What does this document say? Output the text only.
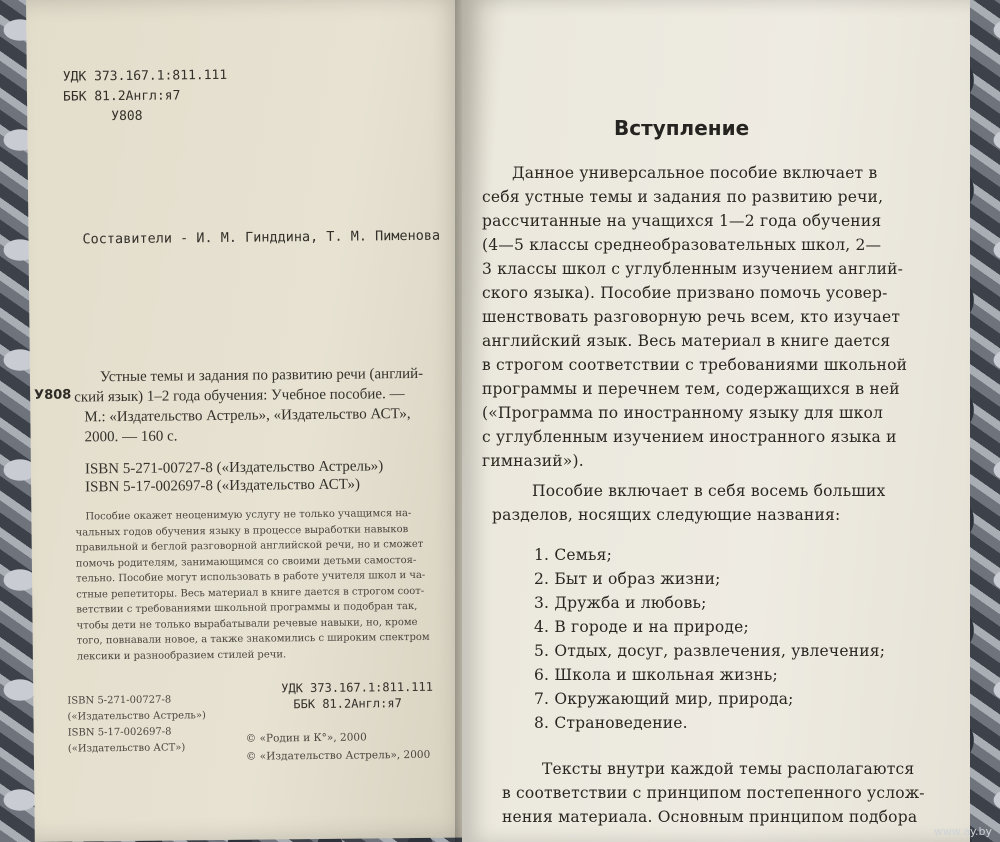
УДК 373.167.1:811.111
ББК 81.2Англ:я7
У808
Составители - И. М. Гинддина, Т. М. Пименова
У808
Устные темы и задания по развитию речи (англий-
ский язык) 1–2 года обучения: Учебное пособие. —
М.: «Издательство Астрель», «Издательство АСТ»,
2000. — 160 с.
ISBN 5-271-00727-8 («Издательство Астрель»)
ISBN 5-17-002697-8 («Издательство АСТ»)
Пособие окажет неоценимую услугу не только учащимся на-
чальных годов обучения языку в процессе выработки навыков
правильной и беглой разговорной английской речи, но и сможет
помочь родителям, занимающимся со своими детьми самостоя-
тельно. Пособие могут использовать в работе учителя школ и ча-
стные репетиторы. Весь материал в книге дается в строгом соот-
ветствии с требованиями школьной программы и подобран так,
чтобы дети не только вырабатывали речевые навыки, но, кроме
того, повнавали новое, а также знакомились с широким спектром
лексики и разнообразием стилей речи.
УДК 373.167.1:811.111
ББК 81.2Англ:я7
ISBN 5-271-00727-8
(«Издательство Астрель»)
ISBN 5-17-002697-8
(«Издательство АСТ»)
© «Родин и К°», 2000
© «Издательство Астрель», 2000
Вступление
Данное универсальное пособие включает в
себя устные темы и задания по развитию речи,
рассчитанные на учащихся 1—2 года обучения
(4—5 классы среднеобразовательных школ, 2—
3 классы школ с углубленным изучением англий-
ского языка). Пособие призвано помочь усовер-
шенствовать разговорную речь всем, кто изучает
английский язык. Весь материал в книге дается
в строгом соответствии с требованиями школьной
программы и перечнем тем, содержащихся в ней
(«Программа по иностранному языку для школ
с углубленным изучением иностранного языка и
гимназий»).
Пособие включает в себя восемь больших
разделов, носящих следующие названия:
1. Семья;
2. Быт и образ жизни;
3. Дружба и любовь;
4. В городе и на природе;
5. Отдых, досуг, развлечения, увлечения;
6. Школа и школьная жизнь;
7. Окружающий мир, природа;
8. Страноведение.
Тексты внутри каждой темы располагаются
в соответствии с принципом постепенного услож-
нения материала. Основным принципом подбора
www.ay.by
